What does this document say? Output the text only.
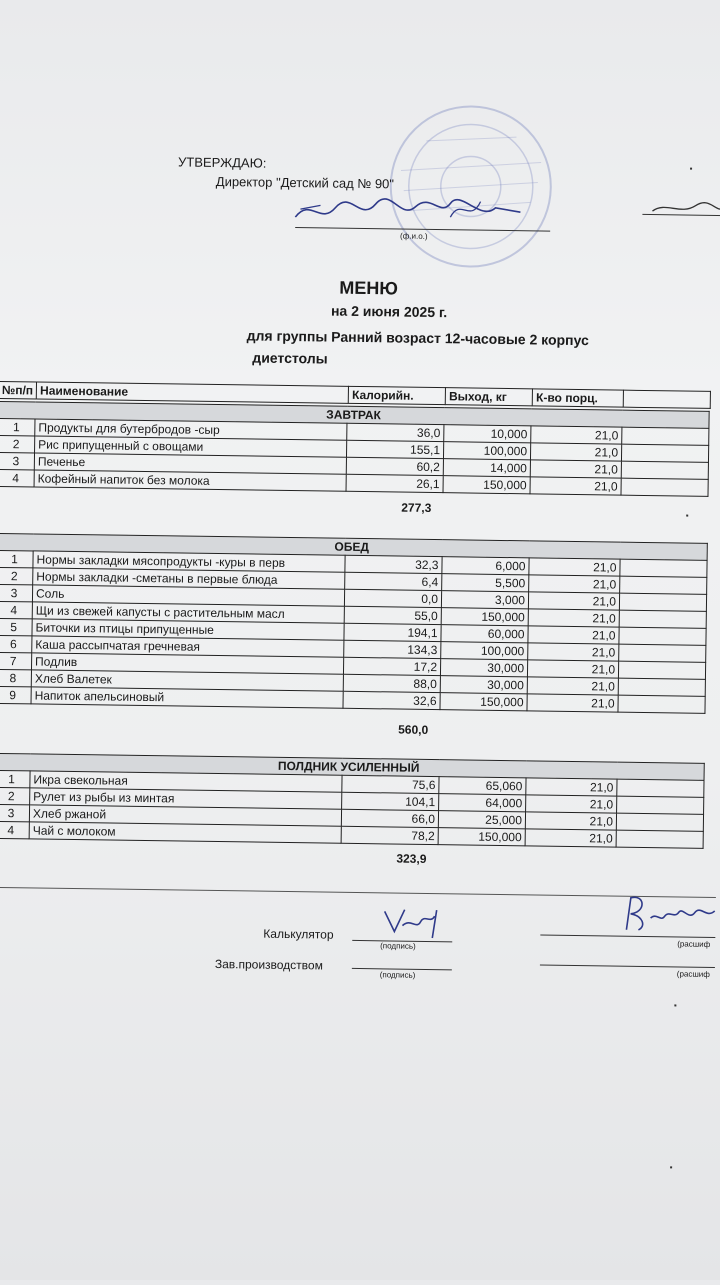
УТВЕРЖДАЮ:
Директор "Детский сад № 90"
(ф.и.о.)
МЕНЮ
на 2 июня 2025 г.
для группы Ранний возраст 12-часовые 2 корпус
диетстолы
№п/п	Наименование	Калорийн.	Выход, кг	К-во порц.	
ЗАВТРАК					
1	Продукты для бутербродов -сыр	36,0	10,000	21,0	
2	Рис припущенный с овощами	155,1	100,000	21,0	
3	Печенье	60,2	14,000	21,0	
4	Кофейный напиток без молока	26,1	150,000	21,0	
277,3
ОБЕД					
1	Нормы закладки мясопродукты -куры в перв	32,3	6,000	21,0	
2	Нормы закладки -сметаны в первые блюда	6,4	5,500	21,0	
3	Соль	0,0	3,000	21,0	
4	Щи из свежей капусты с растительным масл	55,0	150,000	21,0	
5	Биточки из птицы припущенные	194,1	60,000	21,0	
6	Каша рассыпчатая гречневая	134,3	100,000	21,0	
7	Подлив	17,2	30,000	21,0	
8	Хлеб Валетек	88,0	30,000	21,0	
9	Напиток апельсиновый	32,6	150,000	21,0	
560,0
ПОЛДНИК УСИЛЕННЫЙ					
1	Икра свекольная	75,6	65,060	21,0	
2	Рулет из рыбы из минтая	104,1	64,000	21,0	
3	Хлеб ржаной	66,0	25,000	21,0	
4	Чай с молоком	78,2	150,000	21,0	
323,9
Калькулятор
(подпись)	(расшиф
Зав.производством
(подпись)	(расшиф
